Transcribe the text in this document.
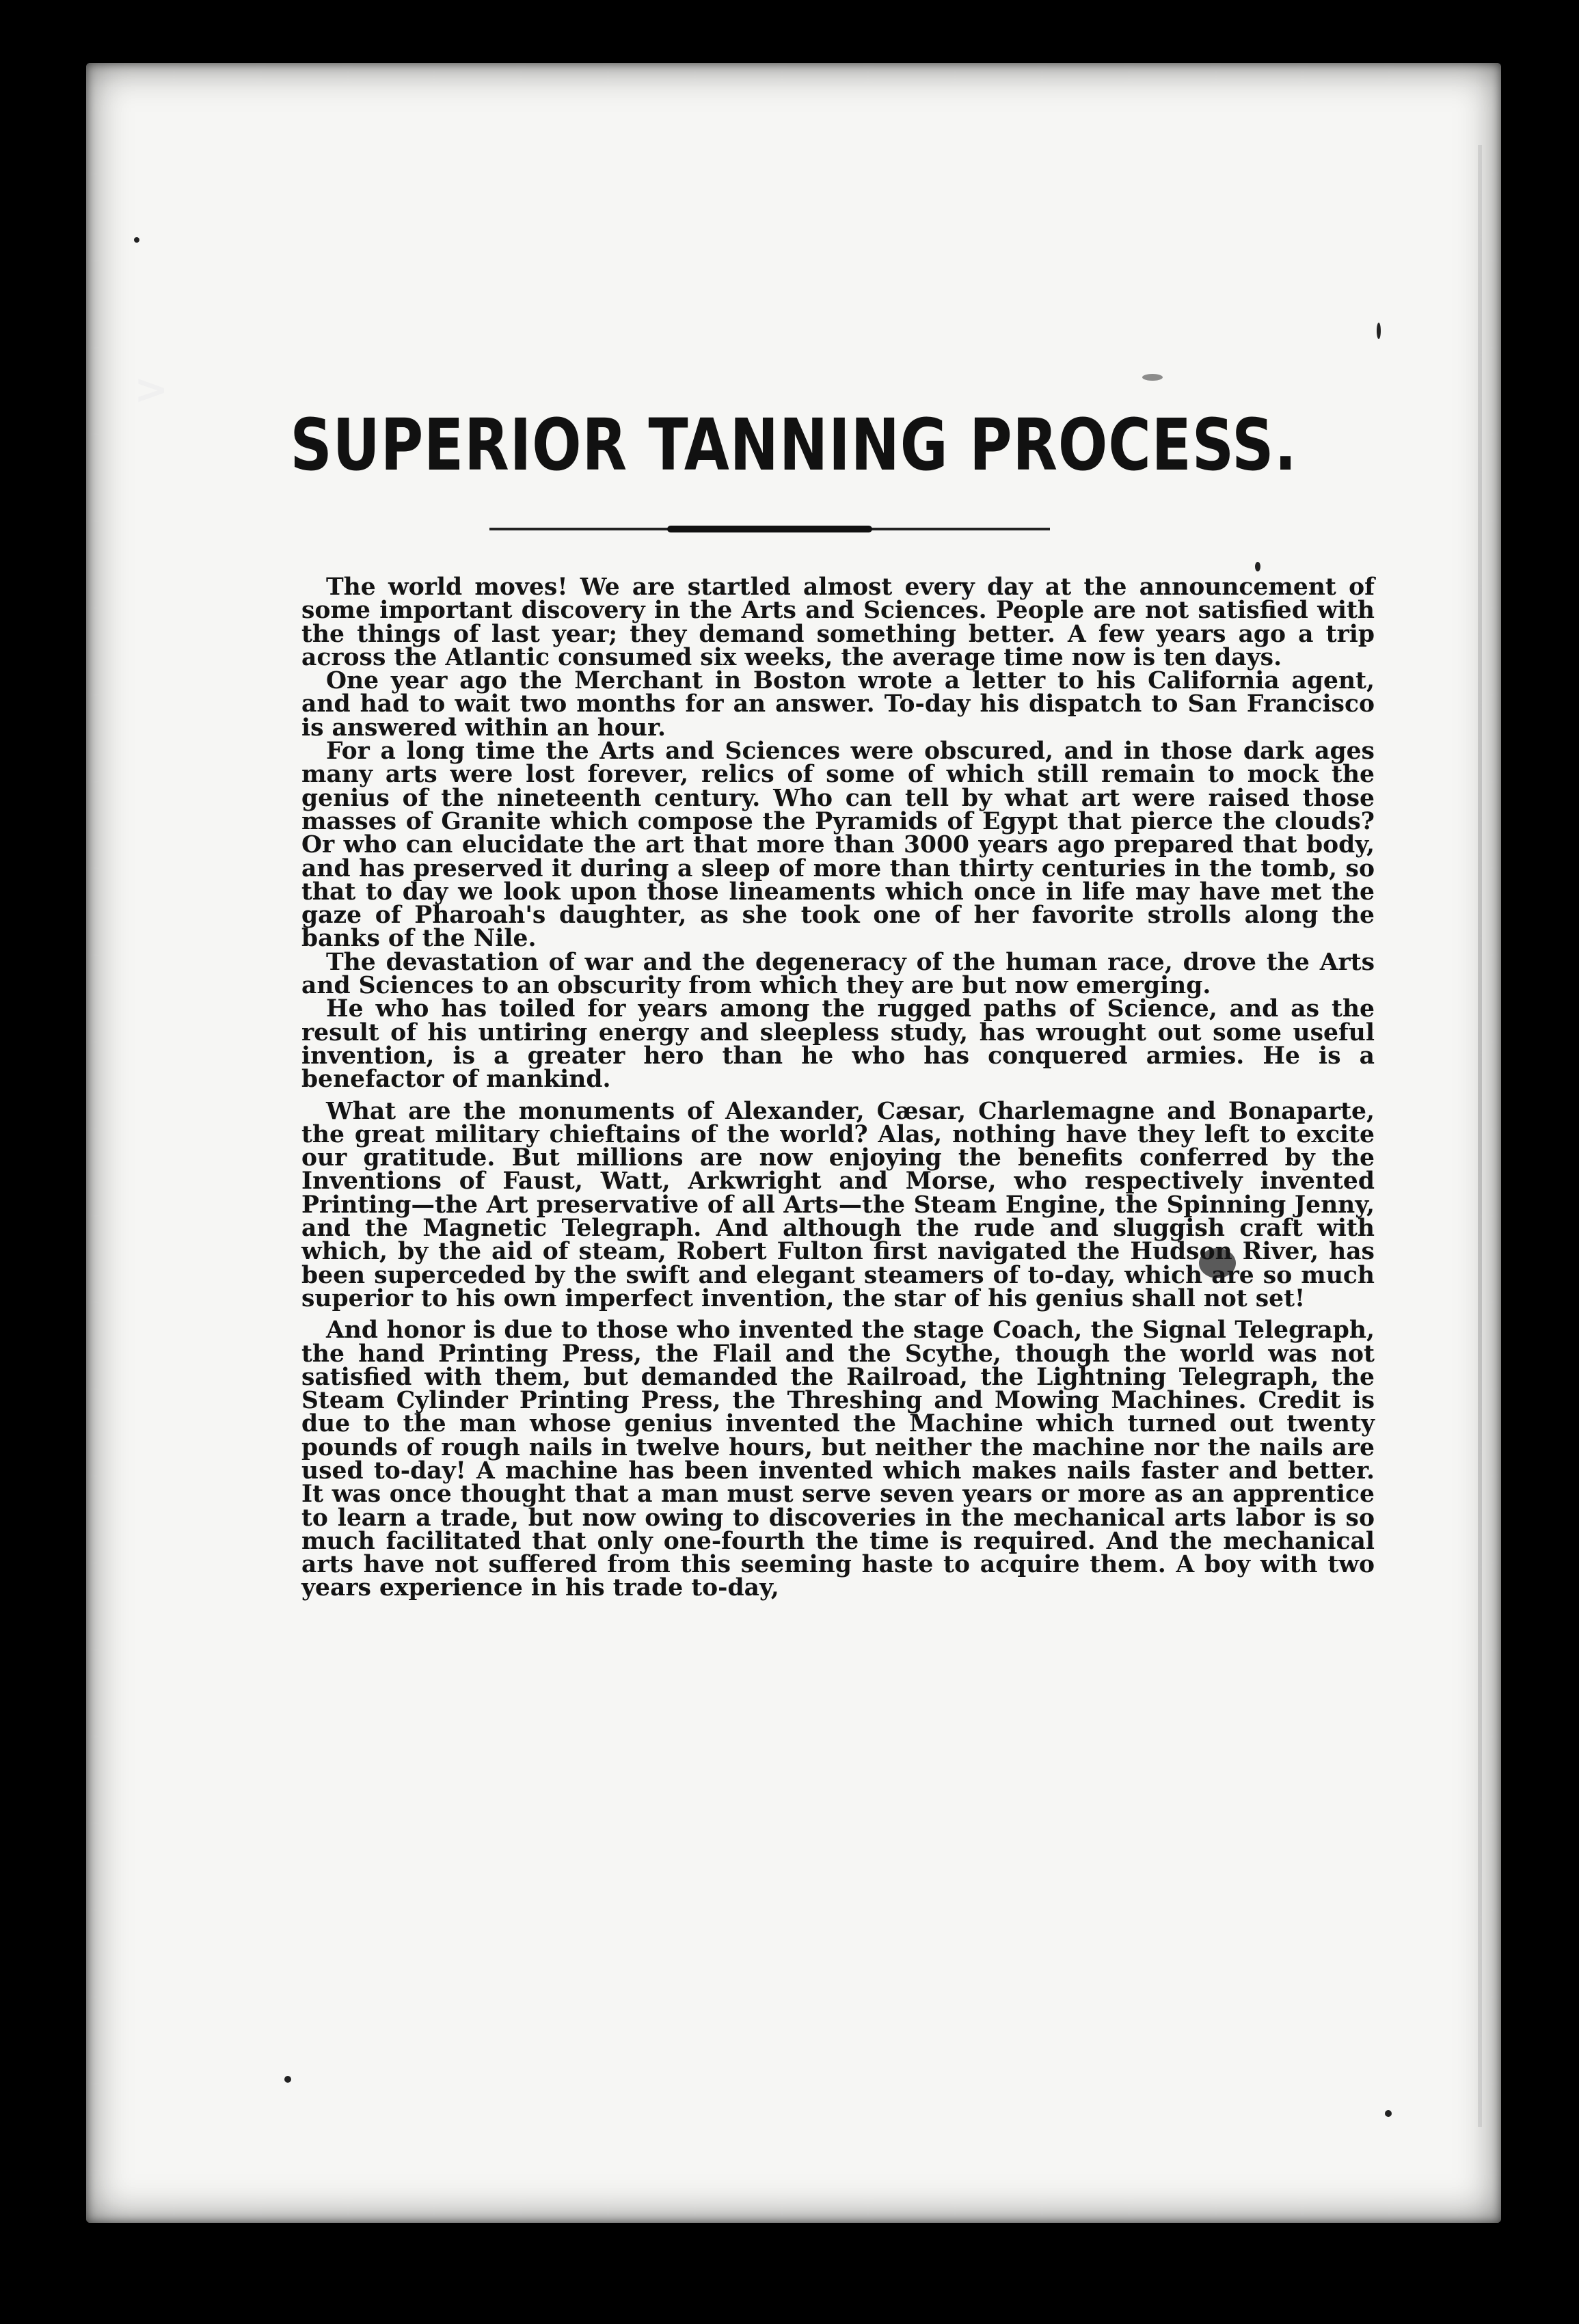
SUPERIOR TANNING PROCESS.

The world moves! We are startled almost every day at the announcement of some important discovery in the Arts and Sciences. People are not satisfied with the things of last year; they demand something better. A few years ago a trip across the Atlantic consumed six weeks, the average time now is ten days.

One year ago the Merchant in Boston wrote a letter to his California agent, and had to wait two months for an answer. To-day his dispatch to San Francisco is answered within an hour.

For a long time the Arts and Sciences were obscured, and in those dark ages many arts were lost forever, relics of some of which still remain to mock the genius of the nineteenth century. Who can tell by what art were raised those masses of Granite which compose the Pyramids of Egypt that pierce the clouds? Or who can elucidate the art that more than 3000 years ago prepared that body, and has preserved it during a sleep of more than thirty centuries in the tomb, so that to day we look upon those lineaments which once in life may have met the gaze of Pharoah's daughter, as she took one of her favorite strolls along the banks of the Nile.

The devastation of war and the degeneracy of the human race, drove the Arts and Sciences to an obscurity from which they are but now emerging.

He who has toiled for years among the rugged paths of Science, and as the result of his untiring energy and sleepless study, has wrought out some useful invention, is a greater hero than he who has conquered armies. He is a benefactor of mankind.

What are the monuments of Alexander, Cæsar, Charlemagne and Bonaparte, the great military chieftains of the world? Alas, nothing have they left to excite our gratitude. But millions are now enjoying the benefits conferred by the Inventions of Faust, Watt, Arkwright and Morse, who respectively invented Printing—the Art preservative of all Arts—the Steam Engine, the Spinning Jenny, and the Magnetic Telegraph. And although the rude and sluggish craft with which, by the aid of steam, Robert Fulton first navigated the Hudson River, has been superceded by the swift and elegant steamers of to-day, which are so much superior to his own imperfect invention, the star of his genius shall not set!

And honor is due to those who invented the stage Coach, the Signal Telegraph, the hand Printing Press, the Flail and the Scythe, though the world was not satisfied with them, but demanded the Railroad, the Lightning Telegraph, the Steam Cylinder Printing Press, the Threshing and Mowing Machines. Credit is due to the man whose genius invented the Machine which turned out twenty pounds of rough nails in twelve hours, but neither the machine nor the nails are used to-day! A machine has been invented which makes nails faster and better. It was once thought that a man must serve seven years or more as an apprentice to learn a trade, but now owing to discoveries in the mechanical arts labor is so much facilitated that only one-fourth the time is required. And the mechanical arts have not suffered from this seeming haste to acquire them. A boy with two years experience in his trade to-day,

>
